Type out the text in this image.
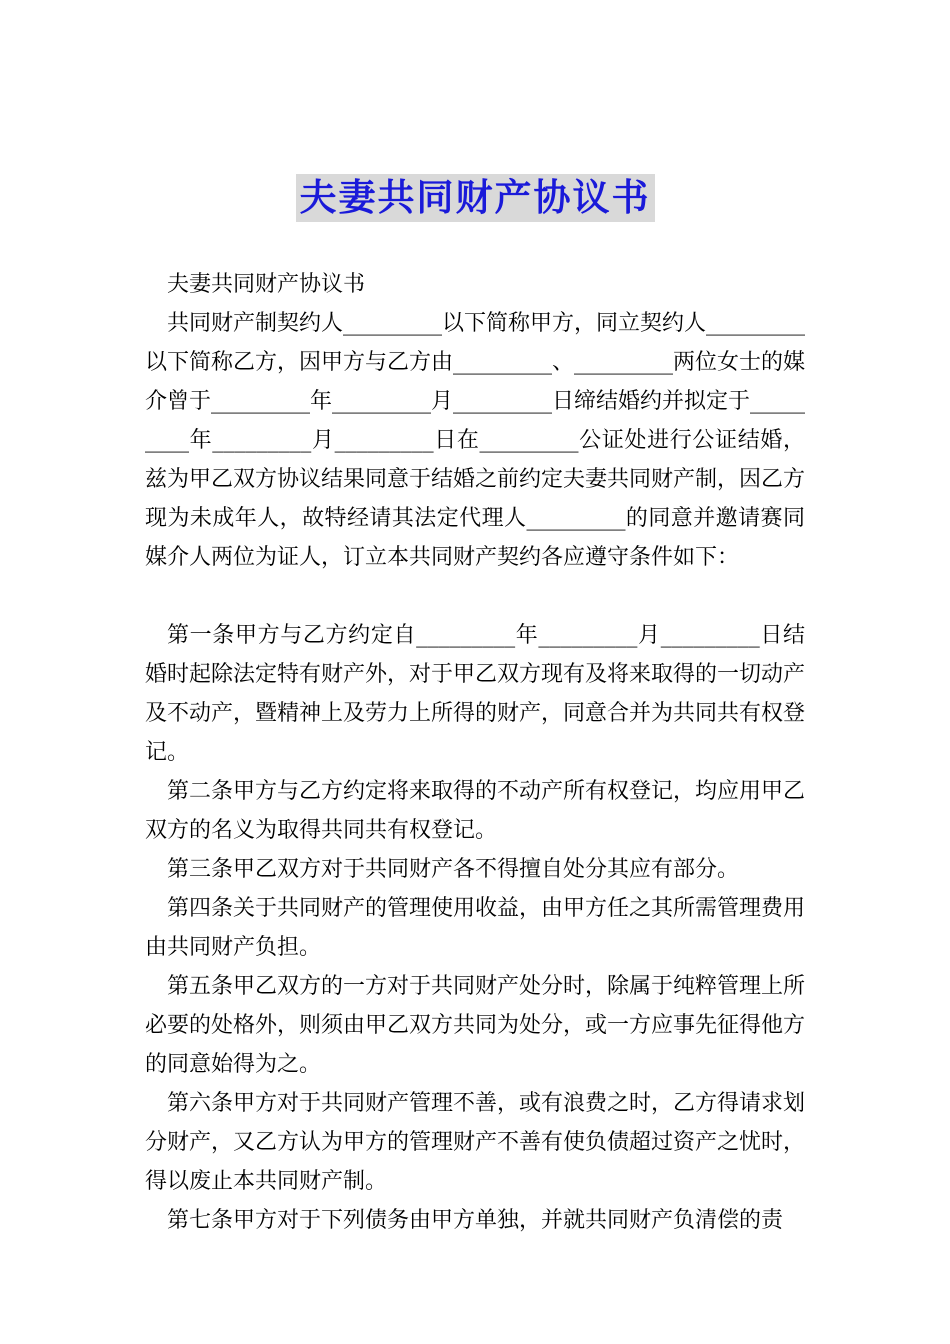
夫妻共同财产协议书

夫妻共同财产协议书

共同财产制契约人_________以下简称甲方，同立契约人_________以下简称乙方，因甲方与乙方由_________、_________两位女士的媒介曾于_________年_________月_________日缔结婚约并拟定于_________年_________月_________日在_________公证处进行公证结婚，兹为甲乙双方协议结果同意于结婚之前约定夫妻共同财产制，因乙方现为未成年人，故特经请其法定代理人_________的同意并邀请赛同媒介人两位为证人，订立本共同财产契约各应遵守条件如下：

第一条甲方与乙方约定自_________年_________月_________日结婚时起除法定特有财产外，对于甲乙双方现有及将来取得的一切动产及不动产，暨精神上及劳力上所得的财产，同意合并为共同共有权登记。

第二条甲方与乙方约定将来取得的不动产所有权登记，均应用甲乙双方的名义为取得共同共有权登记。

第三条甲乙双方对于共同财产各不得擅自处分其应有部分。

第四条关于共同财产的管理使用收益，由甲方任之其所需管理费用由共同财产负担。

第五条甲乙双方的一方对于共同财产处分时，除属于纯粹管理上所必要的处格外，则须由甲乙双方共同为处分，或一方应事先征得他方的同意始得为之。

第六条甲方对于共同财产管理不善，或有浪费之时，乙方得请求划分财产，又乙方认为甲方的管理财产不善有使负债超过资产之忧时，得以废止本共同财产制。

第七条甲方对于下列债务由甲方单独，并就共同财产负清偿的责
